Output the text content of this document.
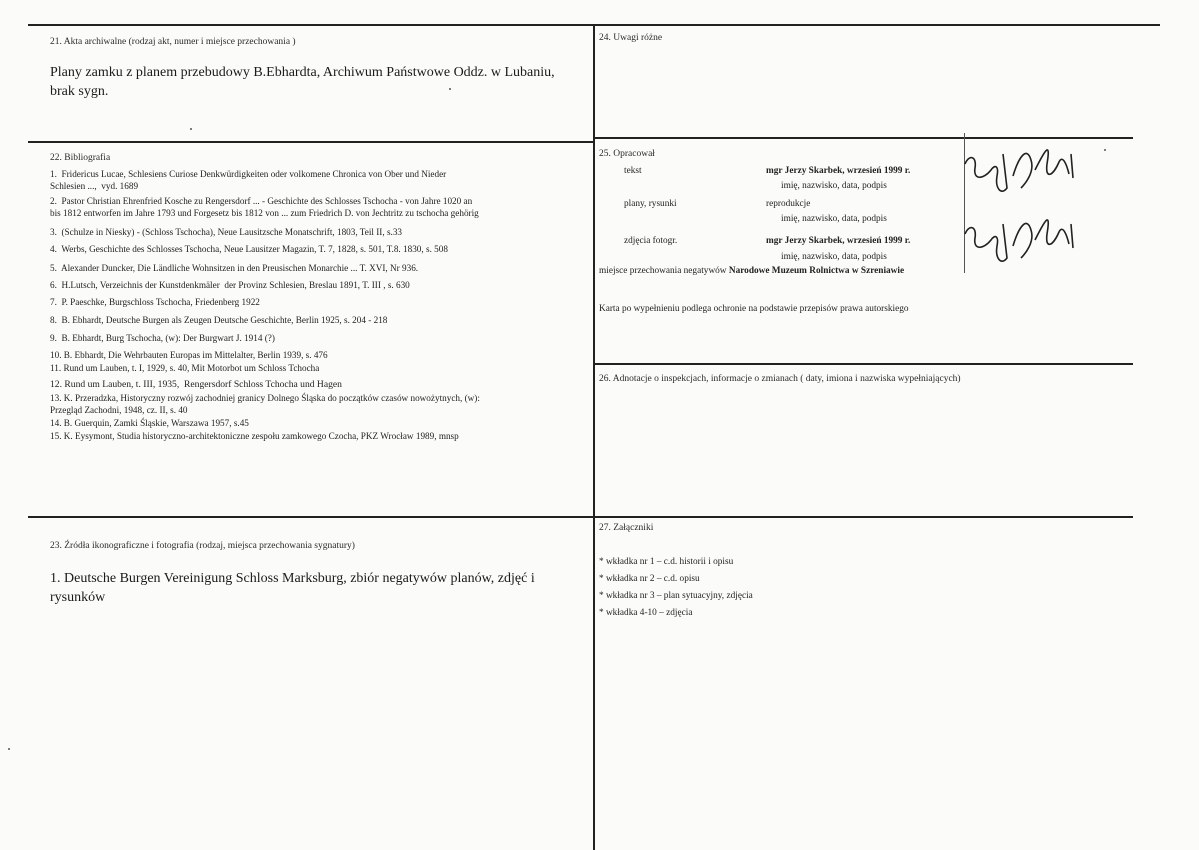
21. Akta archiwalne (rodzaj akt, numer i miejsce przechowania )
Plany zamku z planem przebudowy B.Ebhardta, Archiwum Państwowe Oddz. w Lubaniu, brak sygn.
24. Uwagi różne
22. Bibliografia
1.  Fridericus Lucae, Schlesiens Curiose Denkwürdigkeiten oder volkomene Chronica von Ober und Nieder
Schlesien ...,  vyd. 1689
2.  Pastor Christian Ehrenfried Kosche zu Rengersdorf ... - Geschichte des Schlosses Tschocha - von Jahre 1020 an
bis 1812 entworfen im Jahre 1793 und Forgesetz bis 1812 von ... zum Friedrich D. von Jechtritz zu tschocha gehörig
3.  (Schulze in Niesky) - (Schloss Tschocha), Neue Lausitzsche Monatschrift, 1803, Teil II, s.33
4.  Werbs, Geschichte des Schlosses Tschocha, Neue Lausitzer Magazin, T. 7, 1828, s. 501, T.8. 1830, s. 508
5.  Alexander Duncker, Die Ländliche Wohnsitzen in den Preusischen Monarchie ... T. XVI, Nr 936.
6.  H.Lutsch, Verzeichnis der Kunstdenkmäler  der Provinz Schlesien, Breslau 1891, T. III , s. 630
7.  P. Paeschke, Burgschloss Tschocha, Friedenberg 1922
8.  B. Ebhardt, Deutsche Burgen als Zeugen Deutsche Geschichte, Berlin 1925, s. 204 - 218
9.  B. Ebhardt, Burg Tschocha, (w): Der Burgwart J. 1914 (?)
10. B. Ebhardt, Die Wehrbauten Europas im Mittelalter, Berlin 1939, s. 476
11. Rund um Lauben, t. I, 1929, s. 40, Mit Motorbot um Schloss Tchocha
12. Rund um Lauben, t. III, 1935,  Rengersdorf Schloss Tchocha und Hagen
13. K. Przeradzka, Historyczny rozwój zachodniej granicy Dolnego Śląska do początków czasów nowożytnych, (w):
Przegląd Zachodni, 1948, cz. II, s. 40
14. B. Guerquin, Zamki Śląskie, Warszawa 1957, s.45
15. K. Eysymont, Studia historyczno-architektoniczne zespołu zamkowego Czocha, PKZ Wrocław 1989, mnsp
25. Opracował
tekst	mgr Jerzy Skarbek, wrzesień 1999 r.
imię, nazwisko, data, podpis
plany, rysunki	reprodukcje
imię, nazwisko, data, podpis
zdjęcia fotogr.	mgr Jerzy Skarbek, wrzesień 1999 r.
imię, nazwisko, data, podpis
miejsce przechowania negatywów Narodowe Muzeum Rolnictwa w Szreniawie
Karta po wypełnieniu podlega ochronie na podstawie przepisów prawa autorskiego
26. Adnotacje o inspekcjach, informacje o zmianach ( daty, imiona i nazwiska wypełniających)
23. Źródła ikonograficzne i fotografia (rodzaj, miejsca przechowania sygnatury)
1. Deutsche Burgen Vereinigung Schloss Marksburg, zbiór negatywów planów, zdjęć i rysunków
27. Załączniki
* wkładka nr 1 – c.d. historii i opisu
* wkładka nr 2 – c.d. opisu
* wkładka nr 3 – plan sytuacyjny, zdjęcia
* wkładka 4-10 – zdjęcia
